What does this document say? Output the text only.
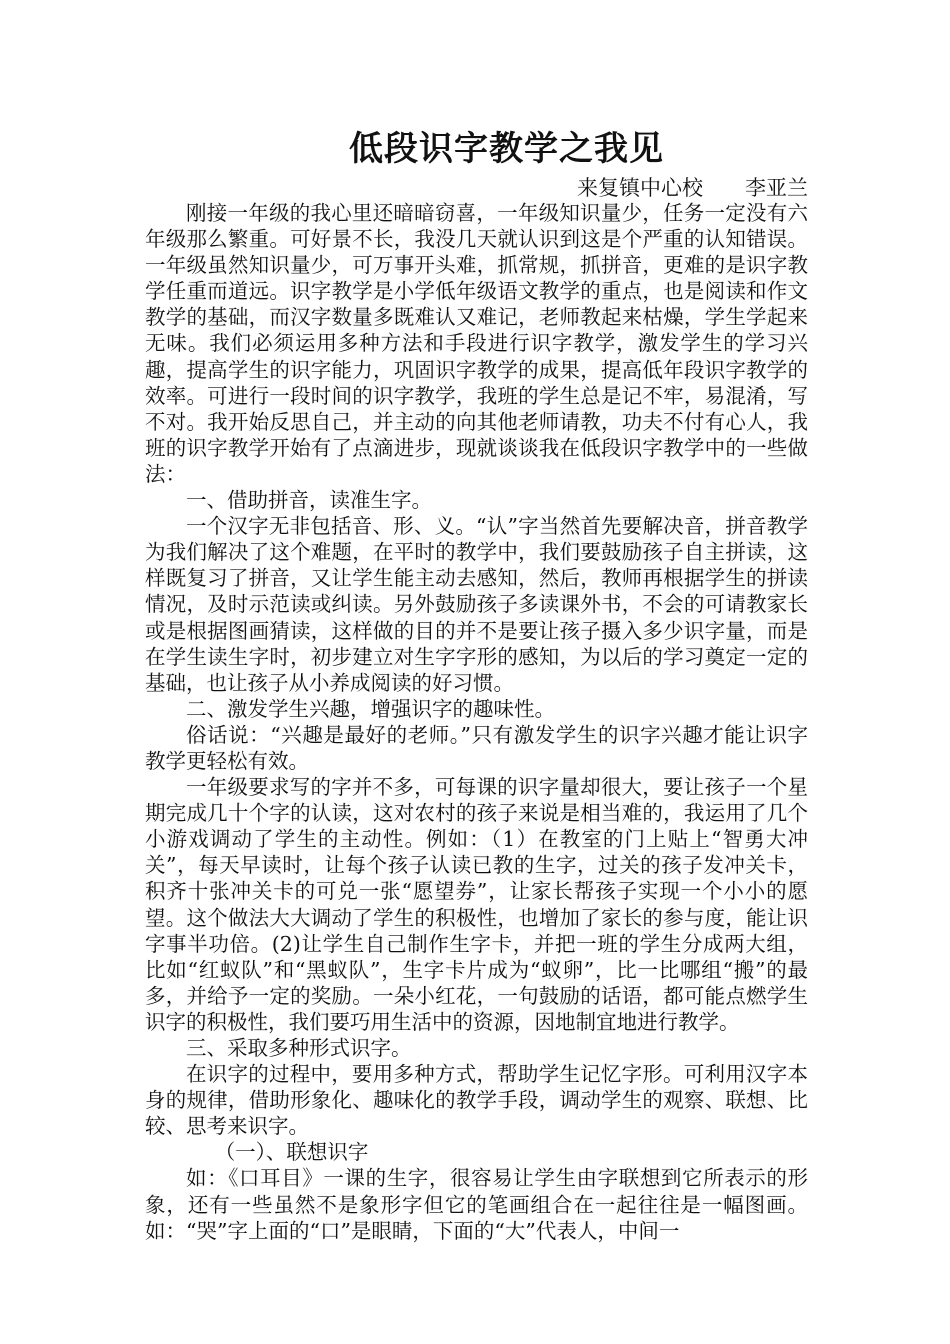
低段识字教学之我见

来复镇中心校　　李亚兰

刚接一年级的我心里还暗暗窃喜，一年级知识量少，任务一定没有六年级那么繁重。可好景不长，我没几天就认识到这是个严重的认知错误。一年级虽然知识量少，可万事开头难，抓常规，抓拼音，更难的是识字教学任重而道远。识字教学是小学低年级语文教学的重点，也是阅读和作文教学的基础，而汉字数量多既难认又难记，老师教起来枯燥，学生学起来无味。我们必须运用多种方法和手段进行识字教学，激发学生的学习兴趣，提高学生的识字能力，巩固识字教学的成果，提高低年段识字教学的效率。可进行一段时间的识字教学，我班的学生总是记不牢，易混淆，写不对。我开始反思自己，并主动的向其他老师请教，功夫不付有心人，我班的识字教学开始有了点滴进步，现就谈谈我在低段识字教学中的一些做法：

一、借助拼音，读准生字。

一个汉字无非包括音、形、义。“认”字当然首先要解决音，拼音教学为我们解决了这个难题，在平时的教学中，我们要鼓励孩子自主拼读，这样既复习了拼音，又让学生能主动去感知，然后，教师再根据学生的拼读情况，及时示范读或纠读。另外鼓励孩子多读课外书，不会的可请教家长或是根据图画猜读，这样做的目的并不是要让孩子摄入多少识字量，而是在学生读生字时，初步建立对生字字形的感知，为以后的学习奠定一定的基础，也让孩子从小养成阅读的好习惯。

二、激发学生兴趣，增强识字的趣味性。

俗话说：“兴趣是最好的老师。”只有激发学生的识字兴趣才能让识字教学更轻松有效。

一年级要求写的字并不多，可每课的识字量却很大，要让孩子一个星期完成几十个字的认读，这对农村的孩子来说是相当难的，我运用了几个小游戏调动了学生的主动性。例如：（1）在教室的门上贴上“智勇大冲关”，每天早读时，让每个孩子认读已教的生字，过关的孩子发冲关卡，积齐十张冲关卡的可兑一张“愿望券”，让家长帮孩子实现一个小小的愿望。这个做法大大调动了学生的积极性，也增加了家长的参与度，能让识字事半功倍。(2)让学生自己制作生字卡，并把一班的学生分成两大组，比如“红蚁队”和“黑蚁队”，生字卡片成为“蚁卵”，比一比哪组“搬”的最多，并给予一定的奖励。一朵小红花，一句鼓励的话语，都可能点燃学生识字的积极性，我们要巧用生活中的资源，因地制宜地进行教学。

三、采取多种形式识字。

在识字的过程中，要用多种方式，帮助学生记忆字形。可利用汉字本身的规律，借助形象化、趣味化的教学手段，调动学生的观察、联想、比较、思考来识字。

（一）、联想识字

如：《口耳目》一课的生字，很容易让学生由字联想到它所表示的形象，还有一些虽然不是象形字但它的笔画组合在一起往往是一幅图画。如：“哭”字上面的“口”是眼睛，下面的“大”代表人，中间一
